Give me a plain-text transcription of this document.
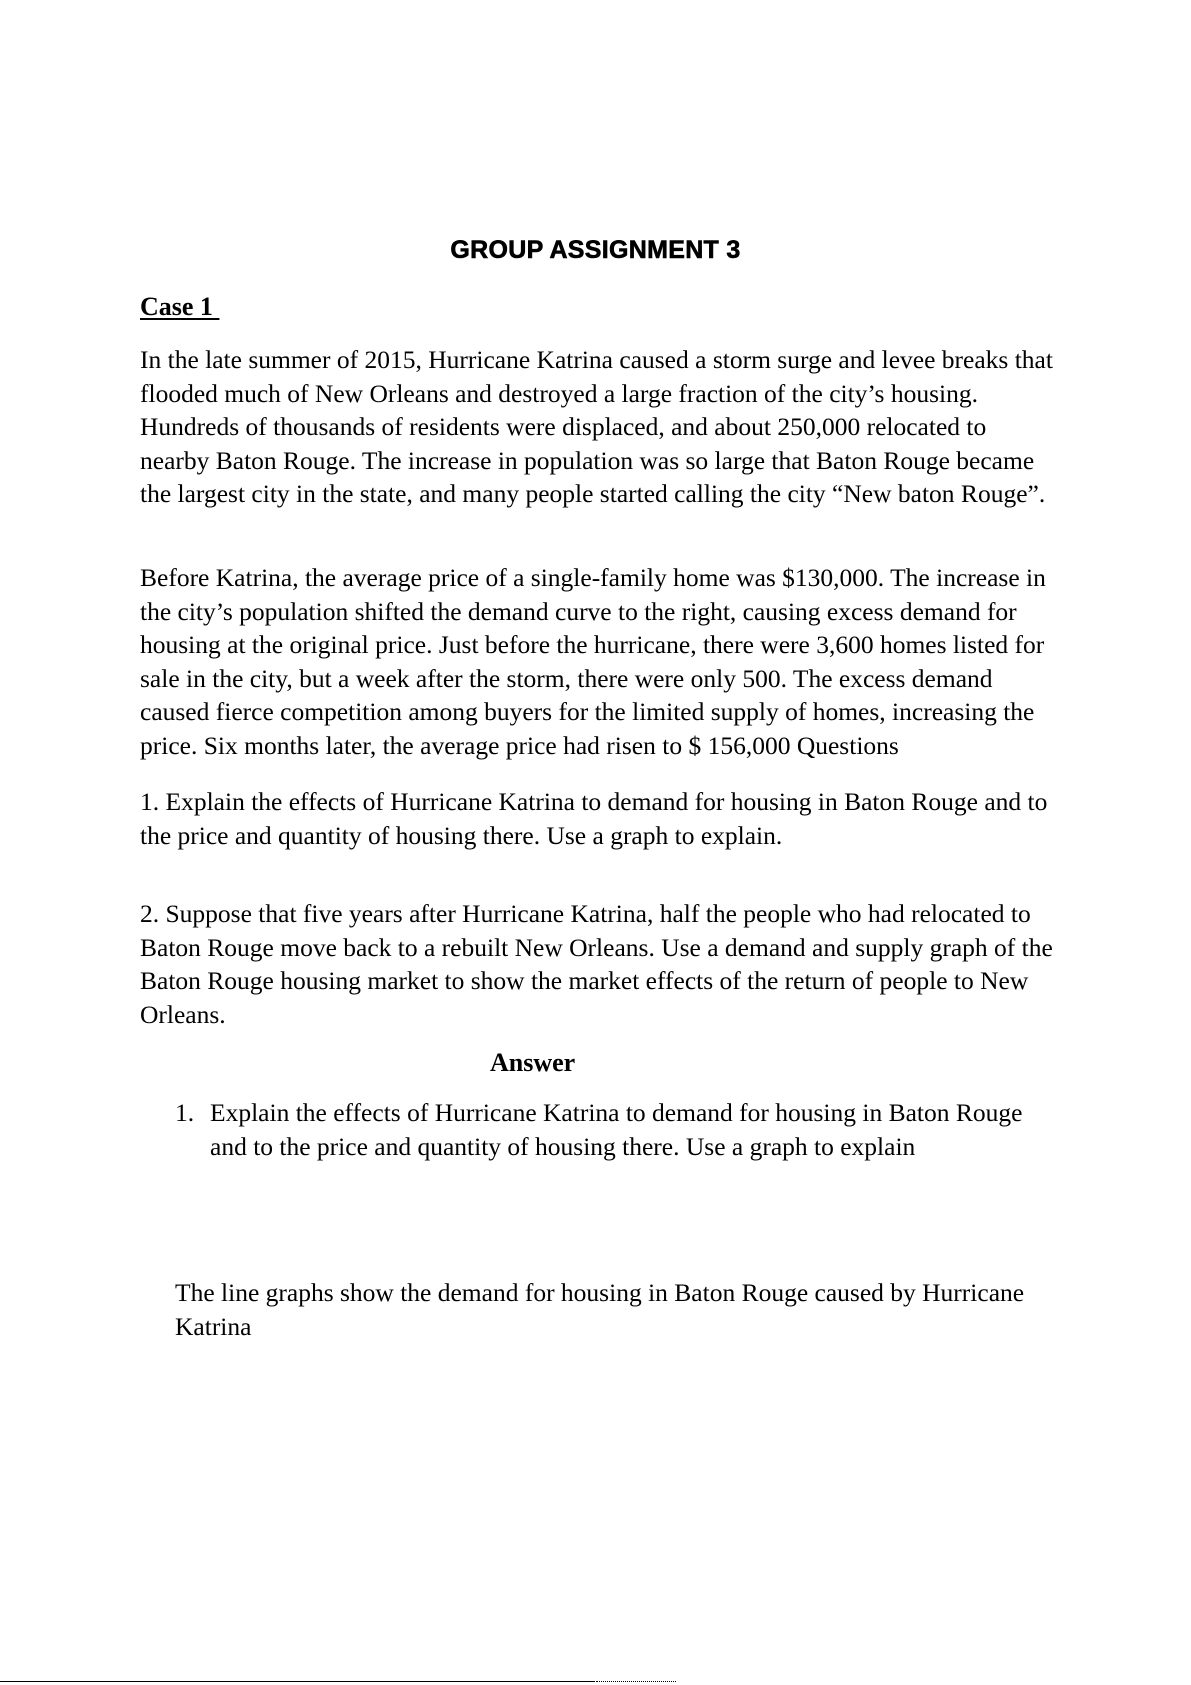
GROUP ASSIGNMENT 3
Case 1

In the late summer of 2015, Hurricane Katrina caused a storm surge and levee breaks that flooded much of New Orleans and destroyed a large fraction of the city’s housing. Hundreds of thousands of residents were displaced, and about 250,000 relocated to nearby Baton Rouge. The increase in population was so large that Baton Rouge became the largest city in the state, and many people started calling the city “New baton Rouge”.

Before Katrina, the average price of a single-family home was $130,000. The increase in the city’s population shifted the demand curve to the right, causing excess demand for housing at the original price. Just before the hurricane, there were 3,600 homes listed for sale in the city, but a week after the storm, there were only 500. The excess demand caused fierce competition among buyers for the limited supply of homes, increasing the price. Six months later, the average price had risen to $ 156,000 Questions

1. Explain the effects of Hurricane Katrina to demand for housing in Baton Rouge and to the price and quantity of housing there. Use a graph to explain.

2. Suppose that five years after Hurricane Katrina, half the people who had relocated to Baton Rouge move back to a rebuilt New Orleans. Use a demand and supply graph of the Baton Rouge housing market to show the market effects of the return of people to New Orleans.

Answer
1. Explain the effects of Hurricane Katrina to demand for housing in Baton Rouge and to the price and quantity of housing there. Use a graph to explain

The line graphs show the demand for housing in Baton Rouge caused by Hurricane Katrina
